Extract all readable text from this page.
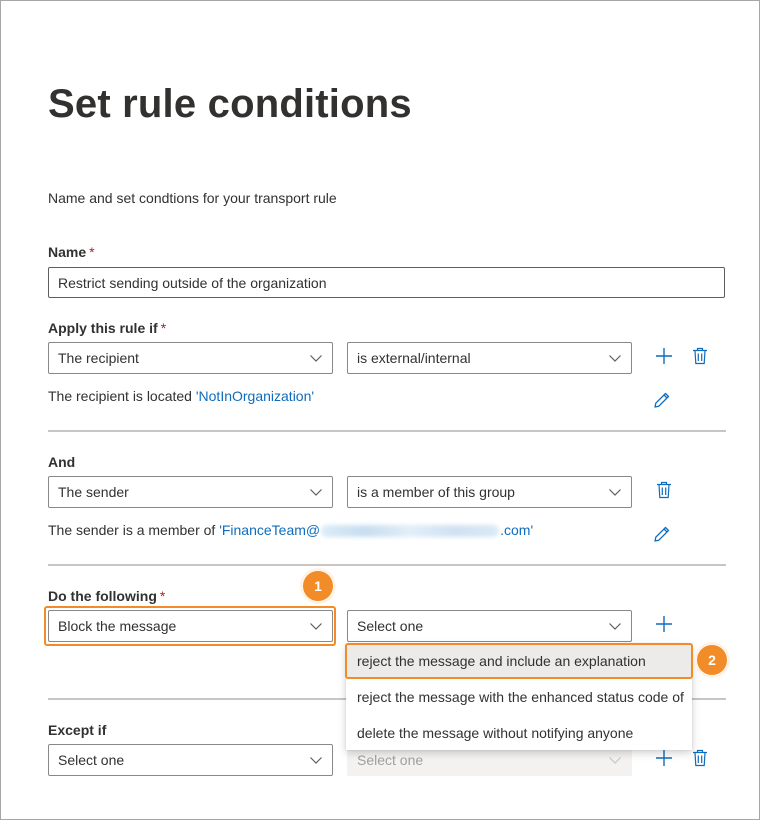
Set rule conditions
Name and set condtions for your transport rule
Name *
Restrict sending outside of the organization
Apply this rule if *
The recipient	is external/internal
The recipient is located 'NotInOrganization'
And
The sender	is a member of this group
The sender is a member of 'FinanceTeam@	.com'
Do the following *
1
Block the message	Select one
Except if
Select one	Select one
reject the message and include an explanation
reject the message with the enhanced status code of
delete the message without notifying anyone
2
